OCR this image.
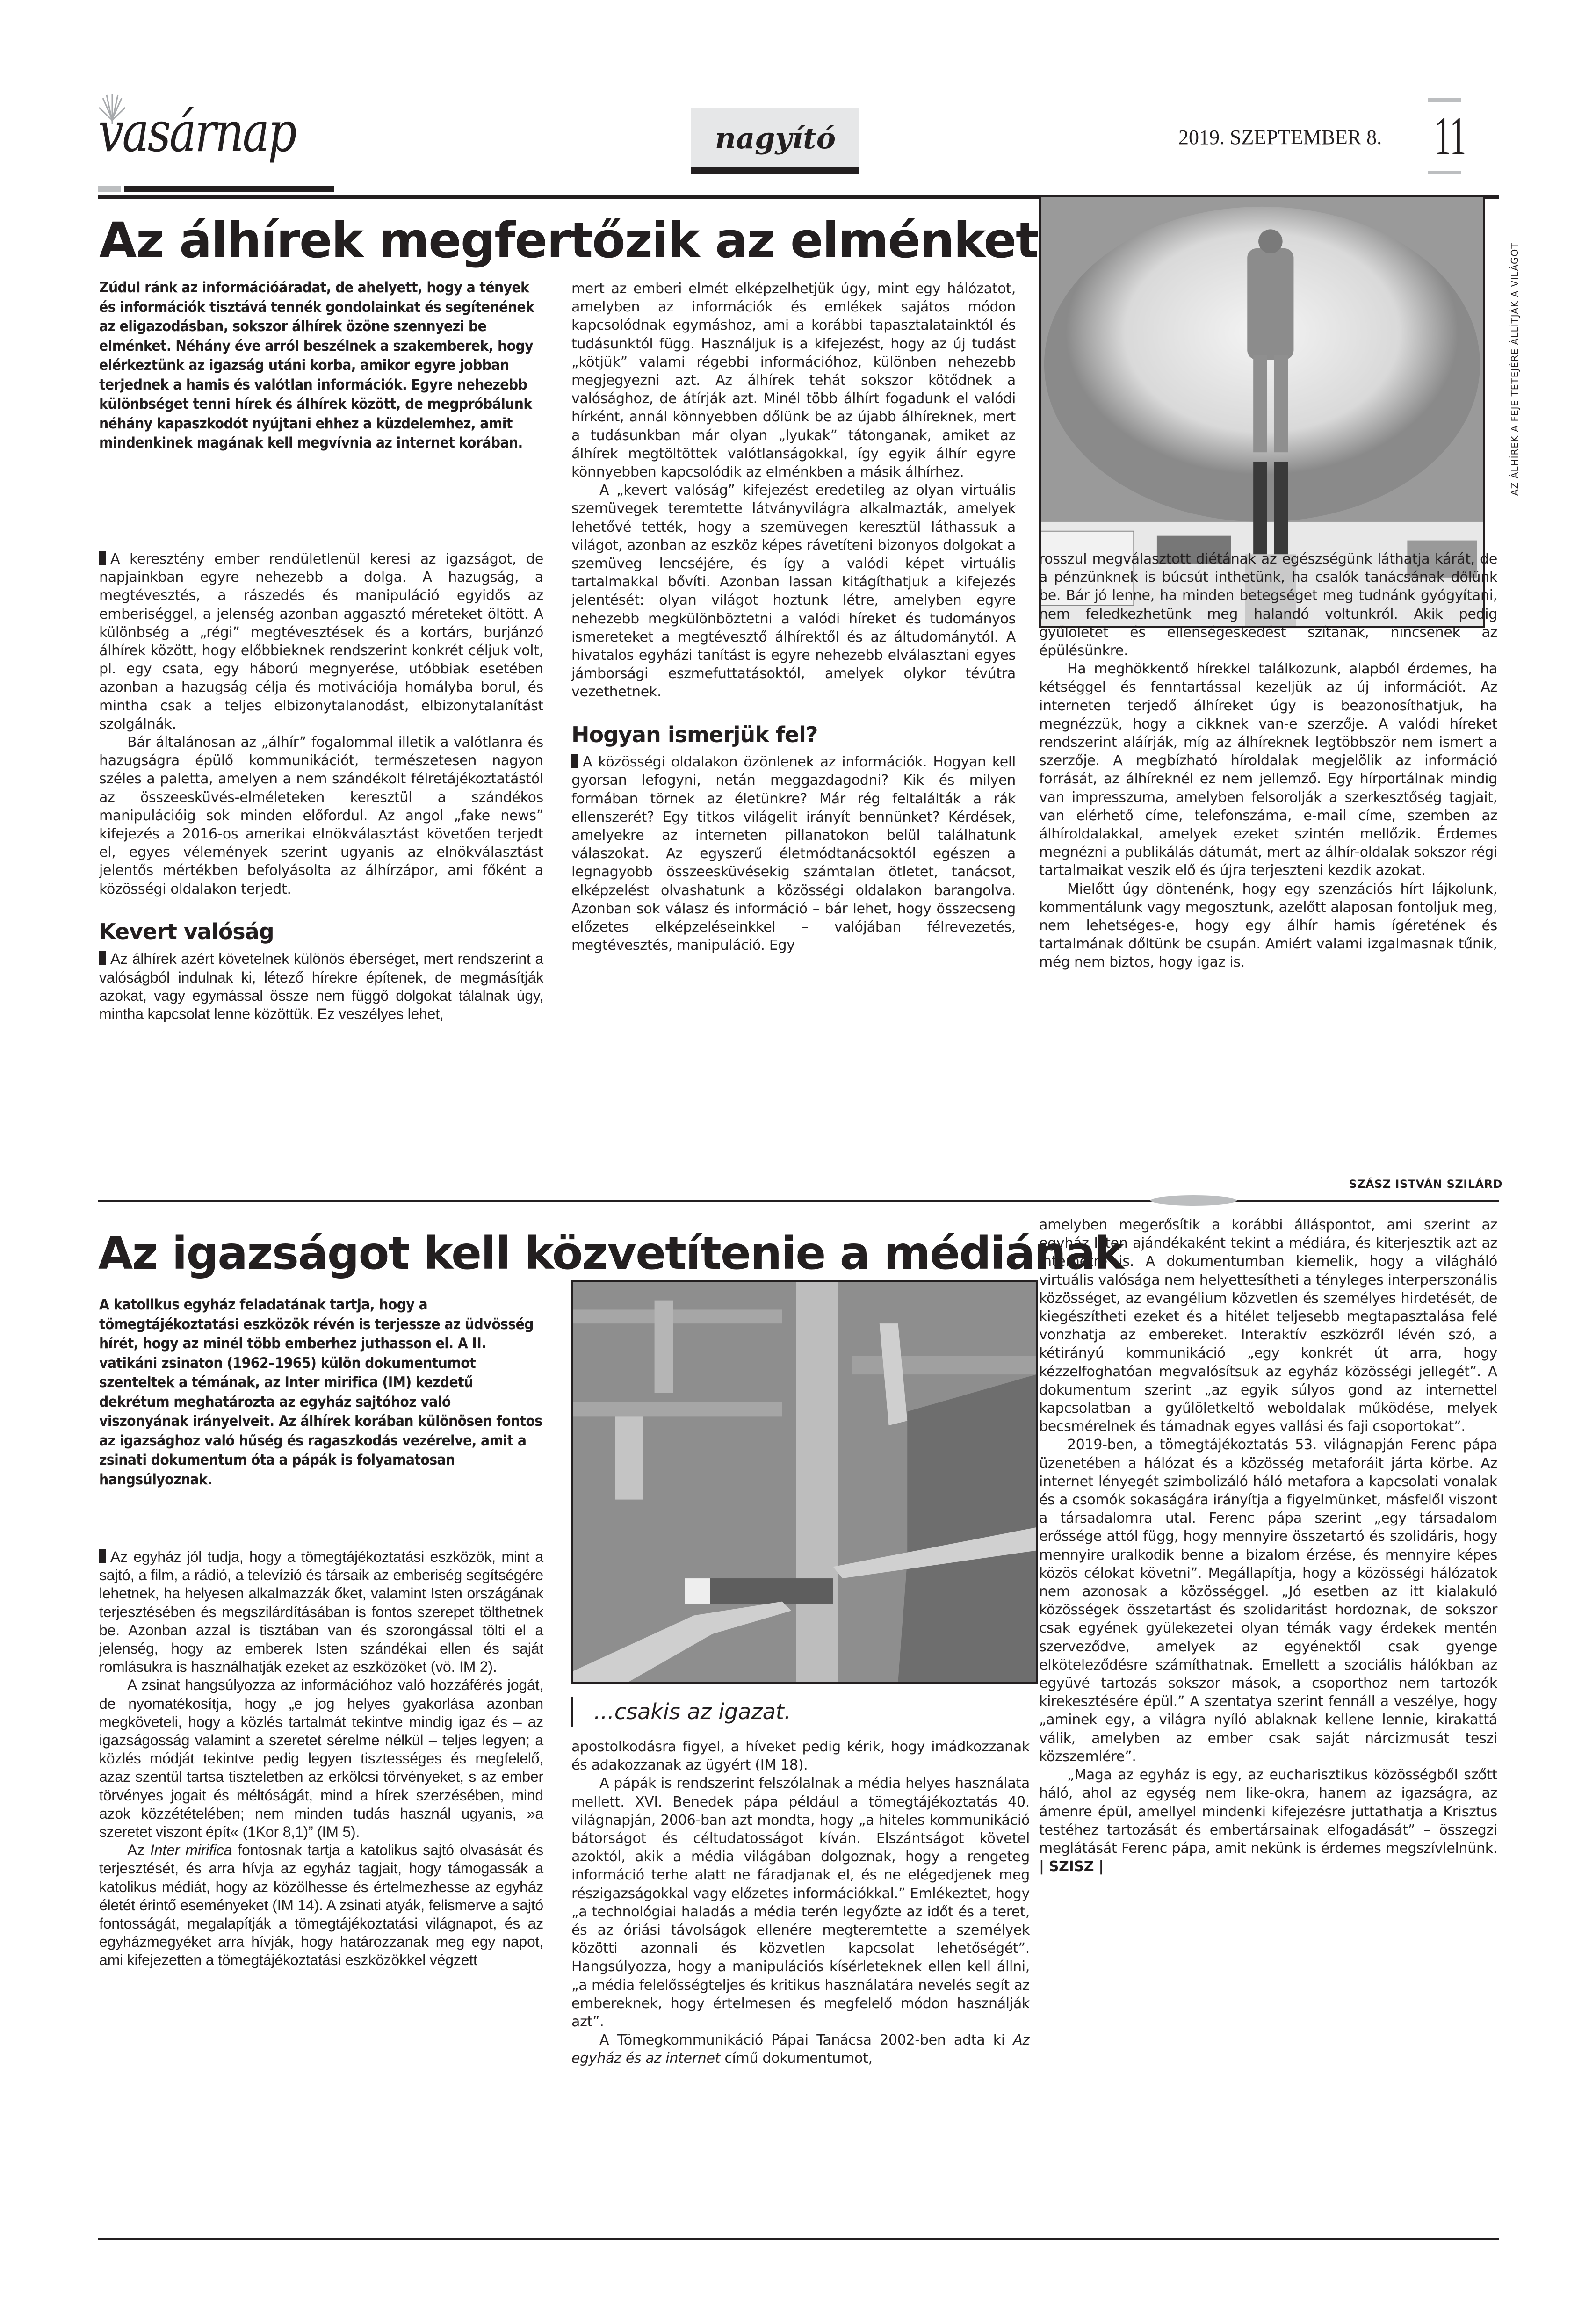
vasárnap	nagyító	2019. SZEPTEMBER 8. 11
Az álhírek megfertőzik az elménket
Zúdul ránk az információáradat, de ahelyett, hogy a tények és információk tisztává tennék gondolainkat és segítenének az eligazodásban, sokszor álhírek özöne szennyezi be elménket. Néhány éve arról beszélnek a szakemberek, hogy elérkeztünk az igazság utáni korba, amikor egyre jobban terjednek a hamis és valótlan információk. Egyre nehezebb különbséget tenni hírek és álhírek között, de megpróbálunk néhány kapaszkodót nyújtani ehhez a küzdelemhez, amit mindenkinek magának kell megvívnia az internet korában.

A keresztény ember rendületlenül keresi az igazságot, de napjainkban egyre nehezebb a dolga. A hazugság, a megtévesztés, a rászedés és manipuláció egyidős az emberiséggel, a jelenség azonban aggasztó méreteket öltött. A különbség a „régi” megtévesztések és a kortárs, burjánzó álhírek között, hogy előbbieknek rendszerint konkrét céljuk volt, pl. egy csata, egy háború megnyerése, utóbbiak esetében azonban a hazugság célja és motivációja homályba borul, és mintha csak a teljes elbizonytalanodást, elbizonytalanítást szolgálnák.

Bár általánosan az „álhír” fogalommal illetik a valótlanra és hazugságra épülő kommunikációt, természetesen nagyon széles a paletta, amelyen a nem szándékolt félretájékoztatástól az összeesküvés-elméleteken keresztül a szándékos manipulációig sok minden előfordul. Az angol „fake news” kifejezés a 2016-os amerikai elnökválasztást követően terjedt el, egyes vélemények szerint ugyanis az elnökválasztást jelentős mértékben befolyásolta az álhírzápor, ami főként a közösségi oldalakon terjedt.

Kevert valóság

Az álhírek azért követelnek különös éberséget, mert rendszerint a valóságból indulnak ki, létező hírekre építenek, de megmásítják azokat, vagy egymással össze nem függő dolgokat tálalnak úgy, mintha kapcsolat lenne közöttük. Ez veszélyes lehet,

mert az emberi elmét elképzelhetjük úgy, mint egy hálózatot, amelyben az információk és emlékek sajátos módon kapcsolódnak egymáshoz, ami a korábbi tapasztalatainktól és tudásunktól függ. Használjuk is a kifejezést, hogy az új tudást „kötjük” valami régebbi információhoz, különben nehezebb megjegyezni azt. Az álhírek tehát sokszor kötődnek a valósághoz, de átírják azt. Minél több álhírt fogadunk el valódi hírként, annál könnyebben dőlünk be az újabb álhíreknek, mert a tudásunkban már olyan „lyukak” tátonganak, amiket az álhírek megtöltöttek valótlanságokkal, így egyik álhír egyre könnyebben kapcsolódik az elménkben a másik álhírhez.

A „kevert valóság” kifejezést eredetileg az olyan virtuális szemüvegek teremtette látványvilágra alkalmazták, amelyek lehetővé tették, hogy a szemüvegen keresztül láthassuk a világot, azonban az eszköz képes rávetíteni bizonyos dolgokat a szemüveg lencséjére, és így a valódi képet virtuális tartalmakkal bővíti. Azonban lassan kitágíthatjuk a kifejezés jelentését: olyan világot hoztunk létre, amelyben egyre nehezebb megkülönböztetni a valódi híreket és tudományos ismereteket a megtévesztő álhírektől és az áltudománytól. A hivatalos egyházi tanítást is egyre nehezebb elválasztani egyes jámborsági eszmefuttatásoktól, amelyek olykor tévútra vezethetnek.

Hogyan ismerjük fel?

A közösségi oldalakon özönlenek az információk. Hogyan kell gyorsan lefogyni, netán meggazdagodni? Kik és milyen formában törnek az életünkre? Már rég feltalálták a rák ellenszerét? Egy titkos világelit irányít bennünket? Kérdések, amelyekre az interneten pillanatokon belül találhatunk válaszokat. Az egyszerű életmódtanácsoktól egészen a legnagyobb összeesküvésekig számtalan ötletet, tanácsot, elképzelést olvashatunk a közösségi oldalakon barangolva. Azonban sok válasz és információ – bár lehet, hogy összecseng előzetes elképzeléseinkkel – valójában félrevezetés, megtévesztés, manipuláció. Egy

AZ ÁLHÍREK A FEJE TETEJÉRE ÁLLÍTJÁK A VILÁGOT

rosszul megválasztott diétának az egészségünk láthatja kárát, de a pénzünknek is búcsút inthetünk, ha csalók tanácsának dőlünk be. Bár jó lenne, ha minden betegséget meg tudnánk gyógyítani, nem feledkezhetünk meg halandó voltunkról. Akik pedig gyűlöletet és ellenségeskedést szítanak, nincsenek az épülésünkre.

Ha meghökkentő hírekkel találkozunk, alapból érdemes, ha kétséggel és fenntartással kezeljük az új információt. Az interneten terjedő álhíreket úgy is beazonosíthatjuk, ha megnézzük, hogy a cikknek van-e szerzője. A valódi híreket rendszerint aláírják, míg az álhíreknek legtöbbször nem ismert a szerzője. A megbízható híroldalak megjelölik az információ forrását, az álhíreknél ez nem jellemző. Egy hírportálnak mindig van impresszuma, amelyben felsorolják a szerkesztőség tagjait, van elérhető címe, telefonszáma, e-mail címe, szemben az álhíroldalakkal, amelyek ezeket szintén mellőzik. Érdemes megnézni a publikálás dátumát, mert az álhír-oldalak sokszor régi tartalmaikat veszik elő és újra terjeszteni kezdik azokat.

Mielőtt úgy döntenénk, hogy egy szenzációs hírt lájkolunk, kommentálunk vagy megosztunk, azelőtt alaposan fontoljuk meg, nem lehetséges-e, hogy egy álhír hamis ígéretének és tartalmának dőltünk be csupán. Amiért valami izgalmasnak tűnik, még nem biztos, hogy igaz is.

SZÁSZ ISTVÁN SZILÁRD
Az igazságot kell közvetítenie a médiának
A katolikus egyház feladatának tartja, hogy a tömegtájékoztatási eszközök révén is terjessze az üdvösség hírét, hogy az minél több emberhez juthasson el. A II. vatikáni zsinaton (1962–1965) külön dokumentumot szenteltek a témának, az Inter mirifica (IM) kezdetű dekrétum meghatározta az egyház sajtóhoz való viszonyának irányelveit. Az álhírek korában különösen fontos az igazsághoz való hűség és ragaszkodás vezérelve, amit a zsinati dokumentum óta a pápák is folyamatosan hangsúlyoznak.

Az egyház jól tudja, hogy a tömegtájékoztatási eszközök, mint a sajtó, a film, a rádió, a televízió és társaik az emberiség segítségére lehetnek, ha helyesen alkalmazzák őket, valamint Isten országának terjesztésében és megszilárdításában is fontos szerepet tölthetnek be. Azonban azzal is tisztában van és szorongással tölti el a jelenség, hogy az emberek Isten szándékai ellen és saját romlásukra is használhatják ezeket az eszközöket (vö. IM 2).

A zsinat hangsúlyozza az információhoz való hozzáférés jogát, de nyomatékosítja, hogy „e jog helyes gyakorlása azonban megköveteli, hogy a közlés tartalmát tekintve mindig igaz és – az igazságosság valamint a szeretet sérelme nélkül – teljes legyen; a közlés módját tekintve pedig legyen tisztességes és megfelelő, azaz szentül tartsa tiszteletben az erkölcsi törvényeket, s az ember törvényes jogait és méltóságát, mind a hírek szerzésében, mind azok közzétételében; nem minden tudás használ ugyanis, »a szeretet viszont épít« (1Kor 8,1)” (IM 5).

Az Inter mirifica fontosnak tartja a katolikus sajtó olvasását és terjesztését, és arra hívja az egyház tagjait, hogy támogassák a katolikus médiát, hogy az közölhesse és értelmezhesse az egyház életét érintő eseményeket (IM 14). A zsinati atyák, felismerve a sajtó fontosságát, megalapítják a tömegtájékoztatási világnapot, és az egyházmegyéket arra hívják, hogy határozzanak meg egy napot, ami kifejezetten a tömegtájékoztatási eszközökkel végzett

...csakis az igazat.

apostolkodásra figyel, a híveket pedig kérik, hogy imádkozzanak és adakozzanak az ügyért (IM 18).

A pápák is rendszerint felszólalnak a média helyes használata mellett. XVI. Benedek pápa például a tömegtájékoztatás 40. világnapján, 2006-ban azt mondta, hogy „a hiteles kommunikáció bátorságot és céltudatosságot kíván. Elszántságot követel azoktól, akik a média világában dolgoznak, hogy a rengeteg információ terhe alatt ne fáradjanak el, és ne elégedjenek meg részigazságokkal vagy előzetes információkkal.” Emlékeztet, hogy „a technológiai haladás a média terén legyőzte az időt és a teret, és az óriási távolságok ellenére megteremtette a személyek közötti azonnali és közvetlen kapcsolat lehetőségét”. Hangsúlyozza, hogy a manipulációs kísérleteknek ellen kell állni, „a média felelősségteljes és kritikus használatára nevelés segít az embereknek, hogy értelmesen és megfelelő módon használják azt”.

A Tömegkommunikáció Pápai Tanácsa 2002-ben adta ki Az egyház és az internet című dokumentumot,

amelyben megerősítik a korábbi álláspontot, ami szerint az egyház Isten ajándékaként tekint a médiára, és kiterjesztik azt az internetre is. A dokumentumban kiemelik, hogy a világháló virtuális valósága nem helyettesítheti a tényleges interperszonális közösséget, az evangélium közvetlen és személyes hirdetését, de kiegészítheti ezeket és a hitélet teljesebb megtapasztalása felé vonzhatja az embereket. Interaktív eszközről lévén szó, a kétirányú kommunikáció „egy konkrét út arra, hogy kézzelfoghatóan megvalósítsuk az egyház közösségi jellegét”. A dokumentum szerint „az egyik súlyos gond az internettel kapcsolatban a gyűlöletkeltő weboldalak működése, melyek becsmérelnek és támadnak egyes vallási és faji csoportokat”.

2019-ben, a tömegtájékoztatás 53. világnapján Ferenc pápa üzenetében a hálózat és a közösség metaforáit járta körbe. Az internet lényegét szimbolizáló háló metafora a kapcsolati vonalak és a csomók sokaságára irányítja a figyelmünket, másfelől viszont a társadalomra utal. Ferenc pápa szerint „egy társadalom erőssége attól függ, hogy mennyire összetartó és szolidáris, hogy mennyire uralkodik benne a bizalom érzése, és mennyire képes közös célokat követni”. Megállapítja, hogy a közösségi hálózatok nem azonosak a közösséggel. „Jó esetben az itt kialakuló közösségek összetartást és szolidaritást hordoznak, de sokszor csak egyének gyülekezetei olyan témák vagy érdekek mentén szerveződve, amelyek az egyénektől csak gyenge elköteleződésre számíthatnak. Emellett a szociális hálókban az együvé tartozás sokszor mások, a csoporthoz nem tartozók kirekesztésére épül.” A szentatya szerint fennáll a veszélye, hogy „aminek egy, a világra nyíló ablaknak kellene lennie, kirakattá válik, amelyben az ember csak saját nárcizmusát teszi közszemlére”.

„Maga az egyház is egy, az eucharisztikus közösségből szőtt háló, ahol az egység nem like-okra, hanem az igazságra, az ámenre épül, amellyel mindenki kifejezésre juttathatja a Krisztus testéhez tartozását és embertársainak elfogadását” – összegzi meglátását Ferenc pápa, amit nekünk is érdemes megszívlelnünk. | SZISZ |
